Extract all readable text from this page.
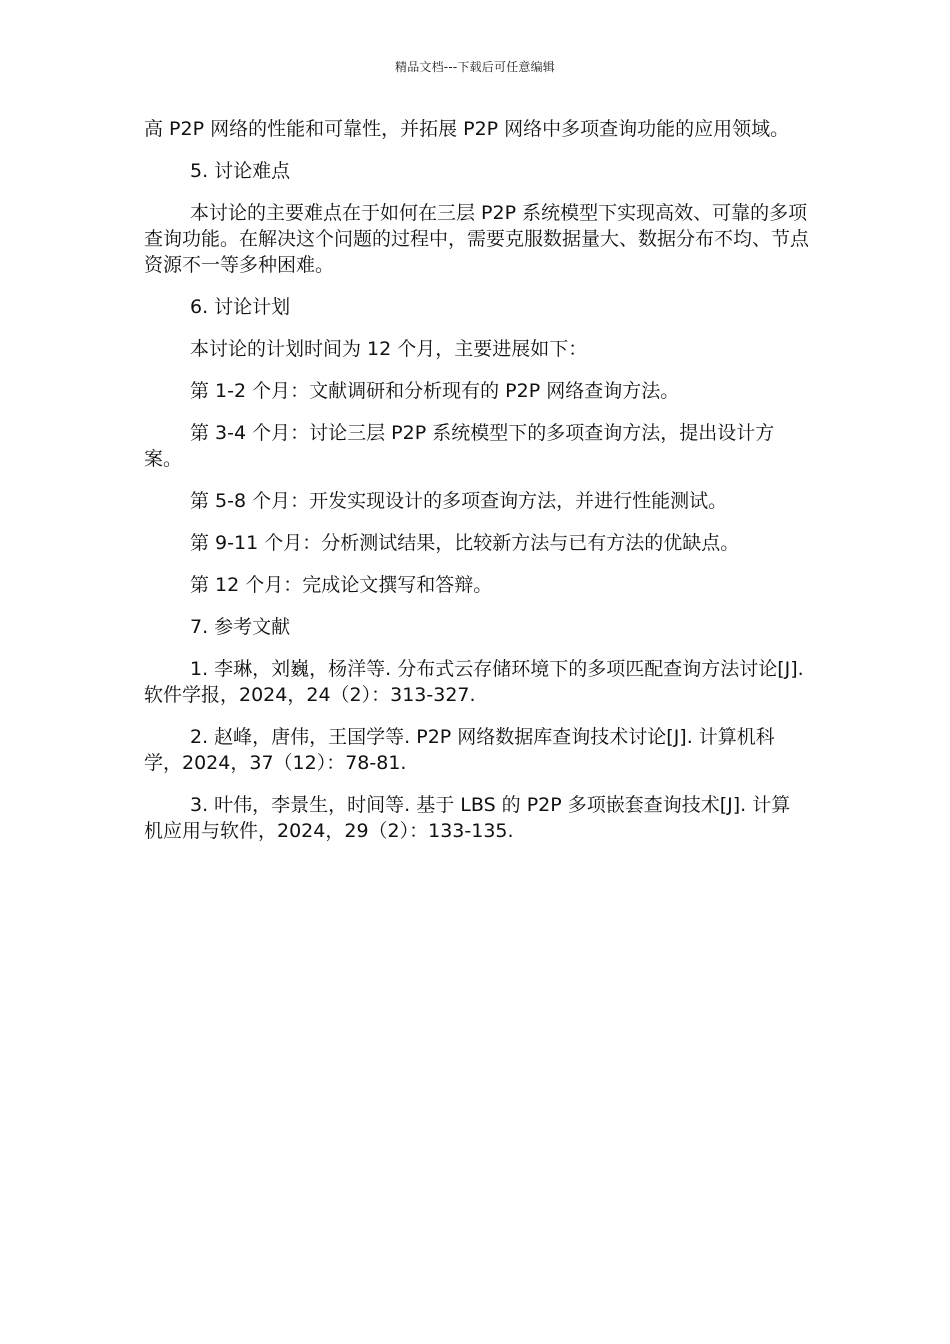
精品文档---下载后可任意编辑

高 P2P 网络的性能和可靠性，并拓展 P2P 网络中多项查询功能的应用领域。

5. 讨论难点

本讨论的主要难点在于如何在三层 P2P 系统模型下实现高效、可靠的多项查询功能。在解决这个问题的过程中，需要克服数据量大、数据分布不均、节点资源不一等多种困难。

6. 讨论计划

本讨论的计划时间为 12 个月，主要进展如下：

第 1-2 个月：文献调研和分析现有的 P2P 网络查询方法。

第 3-4 个月：讨论三层 P2P 系统模型下的多项查询方法，提出设计方案。

第 5-8 个月：开发实现设计的多项查询方法，并进行性能测试。

第 9-11 个月：分析测试结果，比较新方法与已有方法的优缺点。

第 12 个月：完成论文撰写和答辩。

7. 参考文献

1. 李琳，刘巍，杨洋等. 分布式云存储环境下的多项匹配查询方法讨论[J]. 软件学报，2024，24（2）：313-327.

2. 赵峰，唐伟，王国学等. P2P 网络数据库查询技术讨论[J]. 计算机科学，2024，37（12）：78-81.

3. 叶伟，李景生，时间等. 基于 LBS 的 P2P 多项嵌套查询技术[J]. 计算机应用与软件，2024，29（2）：133-135.
